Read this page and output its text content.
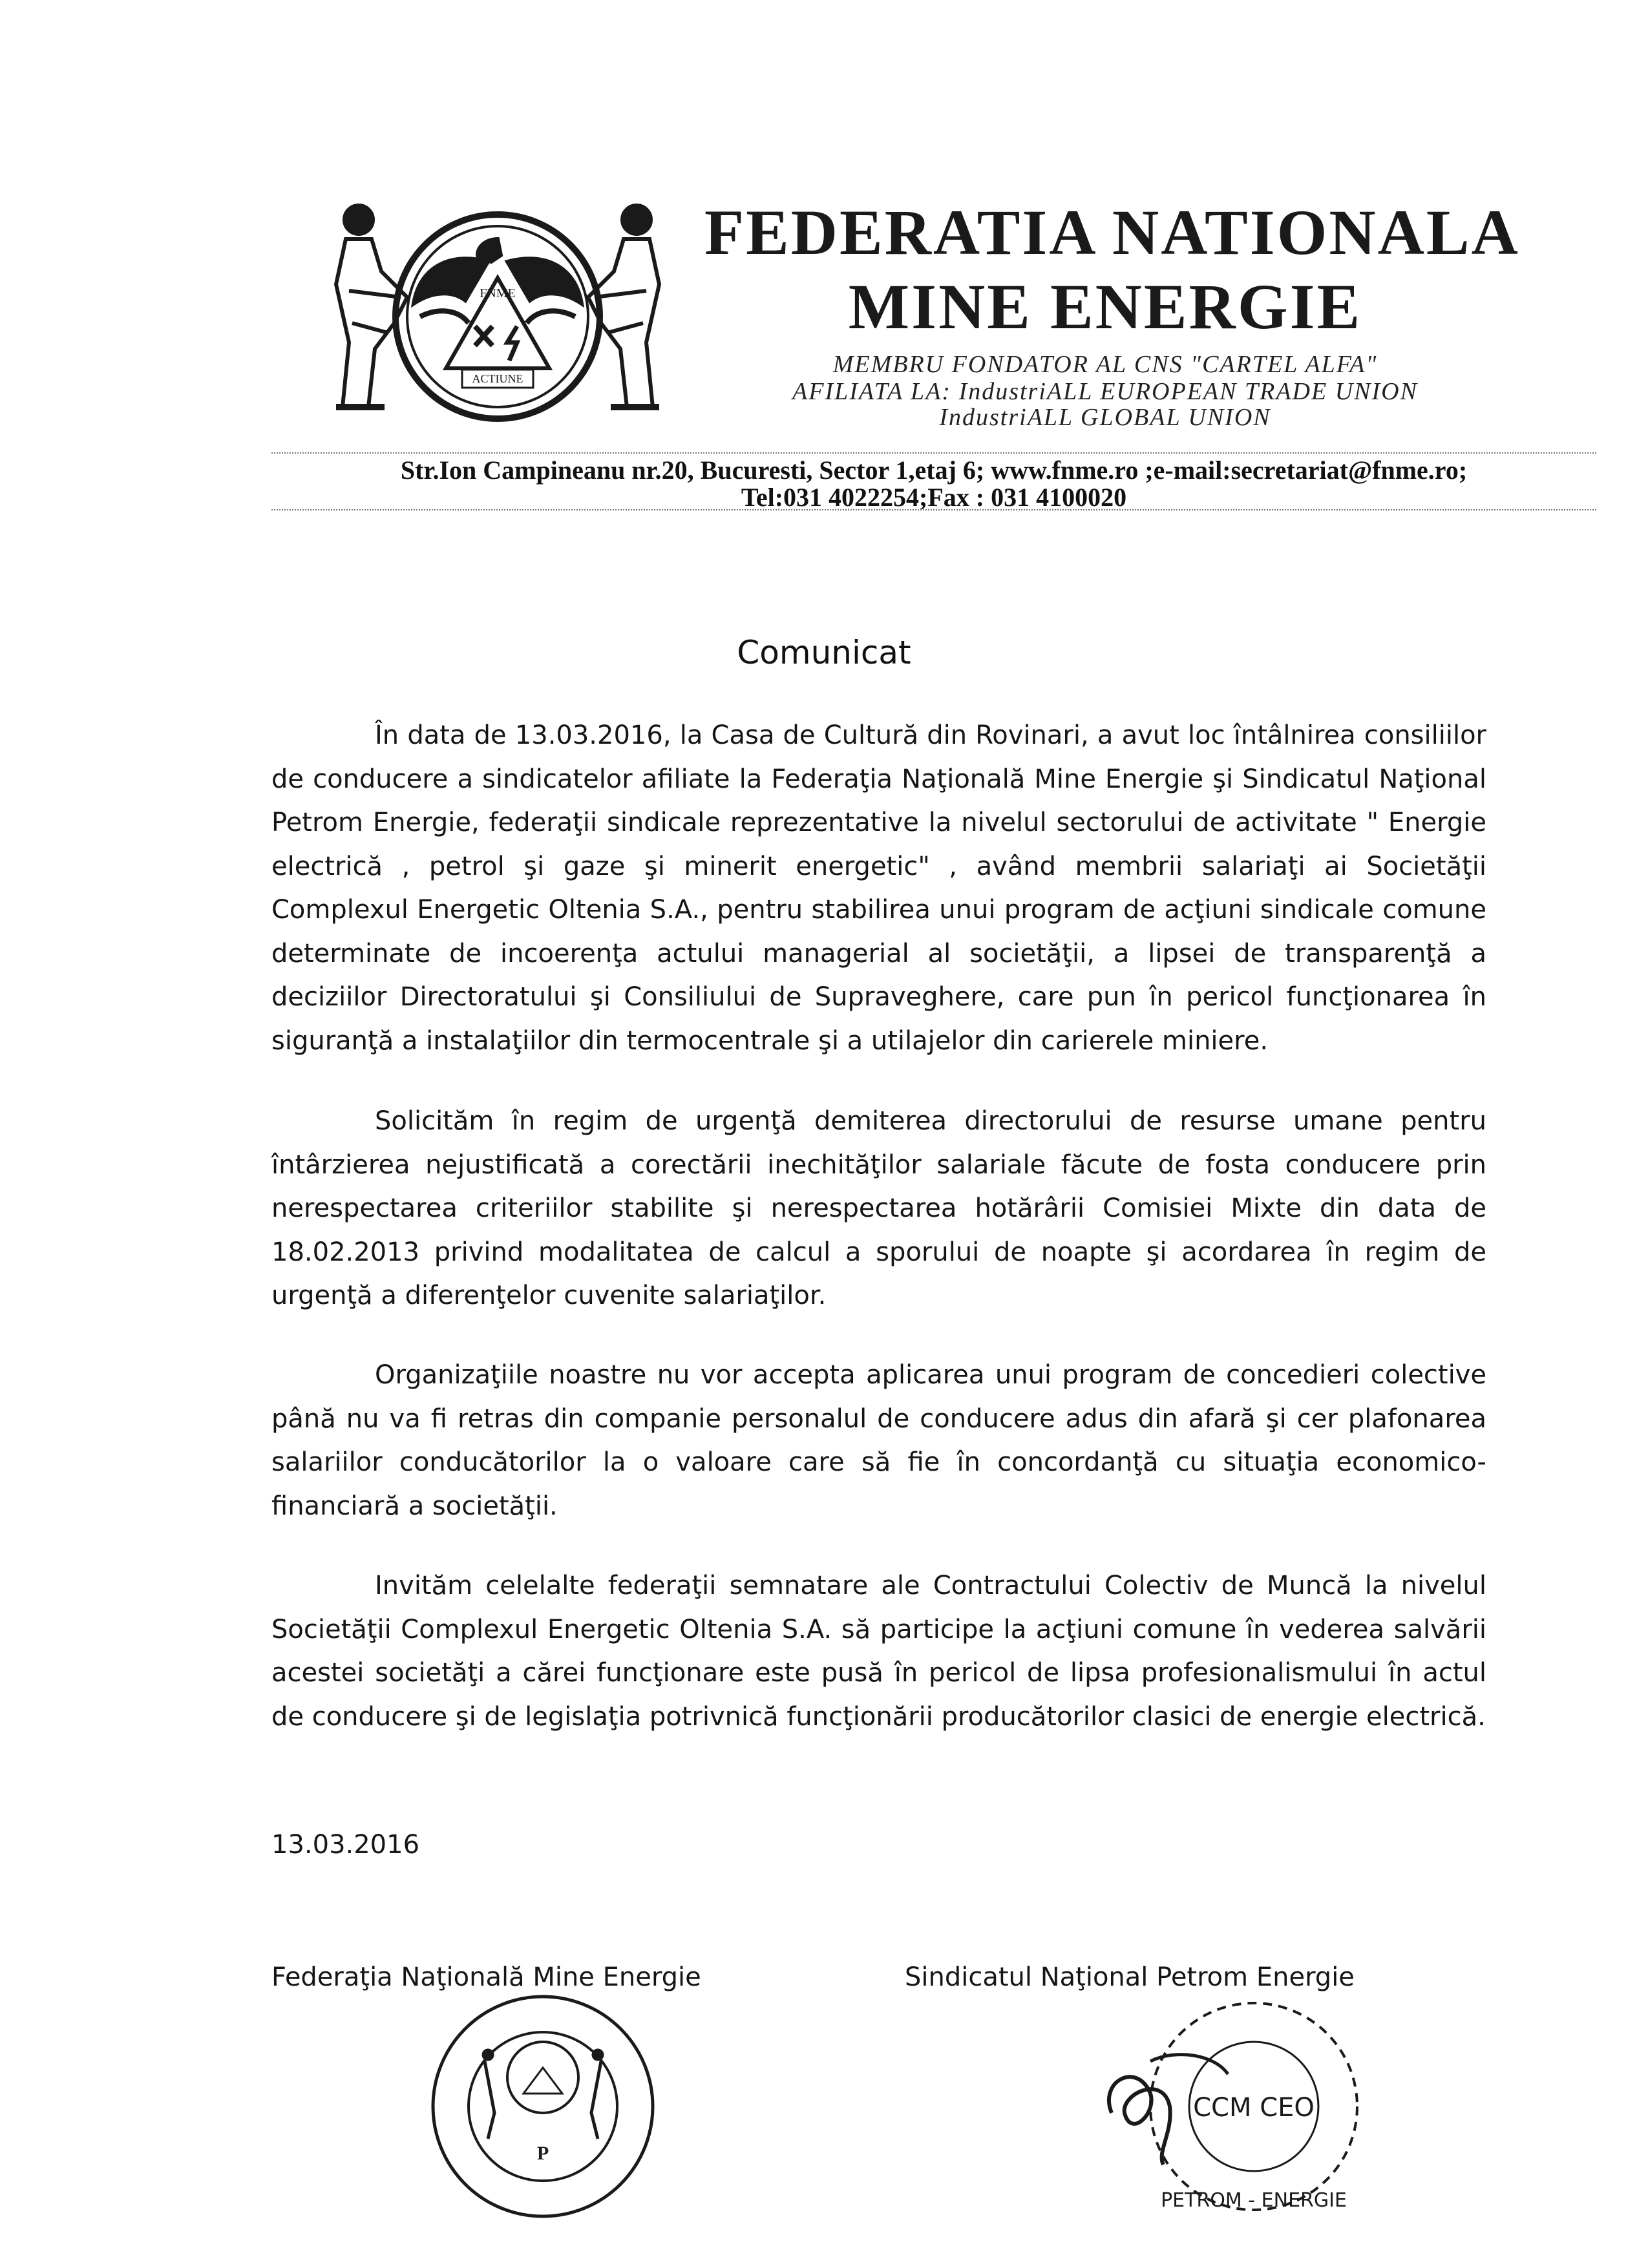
FNME
ACTIUNE
FEDERATIA NATIONALA
MINE ENERGIE
MEMBRU FONDATOR AL CNS "CARTEL ALFA"
AFILIATA LA: IndustriALL EUROPEAN TRADE UNION
IndustriALL GLOBAL UNION
Str.Ion Campineanu nr.20, Bucuresti, Sector 1,etaj 6; www.fnme.ro ;e-mail:secretariat@fnme.ro;
Tel:031 4022254;Fax : 031 4100020
Comunicat
În data de 13.03.2016, la Casa de Cultură din Rovinari, a avut loc întâlnirea consiliilor de conducere a sindicatelor afiliate la Federaţia Naţională Mine Energie şi Sindicatul Naţional Petrom Energie, federaţii sindicale reprezentative la nivelul sectorului de activitate " Energie electrică , petrol şi gaze şi minerit energetic" , având membrii salariaţi ai Societăţii Complexul Energetic Oltenia S.A., pentru stabilirea unui program de acţiuni sindicale comune determinate de incoerenţa actului managerial al societăţii, a lipsei de transparenţă a deciziilor Directoratului şi Consiliului de Supraveghere, care pun în pericol funcţionarea în siguranţă a instalaţiilor din termocentrale şi a utilajelor din carierele miniere.
Solicităm în regim de urgenţă demiterea directorului de resurse umane pentru întârzierea nejustificată a corectării inechităţilor salariale făcute de fosta conducere prin nerespectarea criteriilor stabilite şi nerespectarea hotărârii Comisiei Mixte din data de 18.02.2013 privind modalitatea de calcul a sporului de noapte şi acordarea în regim de urgenţă a diferenţelor cuvenite salariaţilor.
Organizaţiile noastre nu vor accepta aplicarea unui program de concedieri colective până nu va fi retras din companie personalul de conducere adus din afară şi cer plafonarea salariilor conducătorilor la o valoare care să fie în concordanţă cu situaţia economico-financiară a societăţii.
Invităm celelalte federaţii semnatare ale Contractului Colectiv de Muncă la nivelul Societăţii Complexul Energetic Oltenia S.A. să participe la acţiuni comune în vederea salvării acestei societăţi a cărei funcţionare este pusă în pericol de lipsa profesionalismului în actul de conducere şi de legislaţia potrivnică funcţionării producătorilor clasici de energie electrică.
13.03.2016
Federaţia Naţională Mine Energie	Sindicatul Naţional Petrom Energie
P
CCM CEO
PETROM - ENERGIE
